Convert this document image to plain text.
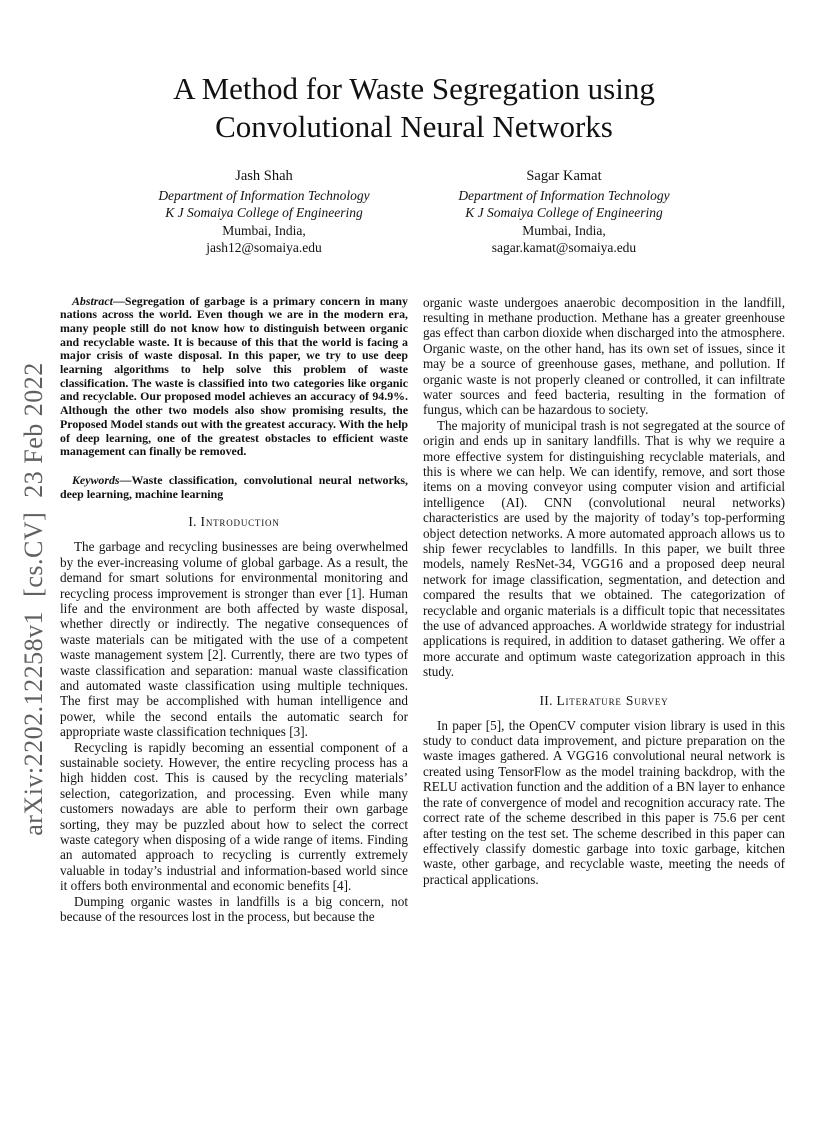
arXiv:2202.12258v1  [cs.CV]  23 Feb 2022
A Method for Waste Segregation using Convolutional Neural Networks
Jash Shah
Department of Information Technology
K J Somaiya College of Engineering
Mumbai, India,
jash12@somaiya.edu
Sagar Kamat
Department of Information Technology
K J Somaiya College of Engineering
Mumbai, India,
sagar.kamat@somaiya.edu

Abstract—Segregation of garbage is a primary concern in many nations across the world. Even though we are in the modern era, many people still do not know how to distinguish between organic and recyclable waste. It is because of this that the world is facing a major crisis of waste disposal. In this paper, we try to use deep learning algorithms to help solve this problem of waste classification. The waste is classified into two categories like organic and recyclable. Our proposed model achieves an accuracy of 94.9%. Although the other two models also show promising results, the Proposed Model stands out with the greatest accuracy. With the help of deep learning, one of the greatest obstacles to efficient waste management can finally be removed.

Keywords—Waste classification, convolutional neural networks, deep learning, machine learning

I. Introduction

The garbage and recycling businesses are being overwhelmed by the ever-increasing volume of global garbage. As a result, the demand for smart solutions for environmental monitoring and recycling process improvement is stronger than ever [1]. Human life and the environment are both affected by waste disposal, whether directly or indirectly. The negative consequences of waste materials can be mitigated with the use of a competent waste management system [2]. Currently, there are two types of waste classification and separation: manual waste classification and automated waste classification using multiple techniques. The first may be accomplished with human intelligence and power, while the second entails the automatic search for appropriate waste classification techniques [3].

Recycling is rapidly becoming an essential component of a sustainable society. However, the entire recycling process has a high hidden cost. This is caused by the recycling materials’ selection, categorization, and processing. Even while many customers nowadays are able to perform their own garbage sorting, they may be puzzled about how to select the correct waste category when disposing of a wide range of items. Finding an automated approach to recycling is currently extremely valuable in today’s industrial and information-based world since it offers both environmental and economic benefits [4].

Dumping organic wastes in landfills is a big concern, not because of the resources lost in the process, but because the

organic waste undergoes anaerobic decomposition in the landfill, resulting in methane production. Methane has a greater greenhouse gas effect than carbon dioxide when discharged into the atmosphere. Organic waste, on the other hand, has its own set of issues, since it may be a source of greenhouse gases, methane, and pollution. If organic waste is not properly cleaned or controlled, it can infiltrate water sources and feed bacteria, resulting in the formation of fungus, which can be hazardous to society.

The majority of municipal trash is not segregated at the source of origin and ends up in sanitary landfills. That is why we require a more effective system for distinguishing recyclable materials, and this is where we can help. We can identify, remove, and sort those items on a moving conveyor using computer vision and artificial intelligence (AI). CNN (convolutional neural networks) characteristics are used by the majority of today’s top-performing object detection networks. A more automated approach allows us to ship fewer recyclables to landfills. In this paper, we built three models, namely ResNet-34, VGG16 and a proposed deep neural network for image classification, segmentation, and detection and compared the results that we obtained. The categorization of recyclable and organic materials is a difficult topic that necessitates the use of advanced approaches. A worldwide strategy for industrial applications is required, in addition to dataset gathering. We offer a more accurate and optimum waste categorization approach in this study.

II. Literature Survey

In paper [5], the OpenCV computer vision library is used in this study to conduct data improvement, and picture preparation on the waste images gathered. A VGG16 convolutional neural network is created using TensorFlow as the model training backdrop, with the RELU activation function and the addition of a BN layer to enhance the rate of convergence of model and recognition accuracy rate. The correct rate of the scheme described in this paper is 75.6 per cent after testing on the test set. The scheme described in this paper can effectively classify domestic garbage into toxic garbage, kitchen waste, other garbage, and recyclable waste, meeting the needs of practical applications.
